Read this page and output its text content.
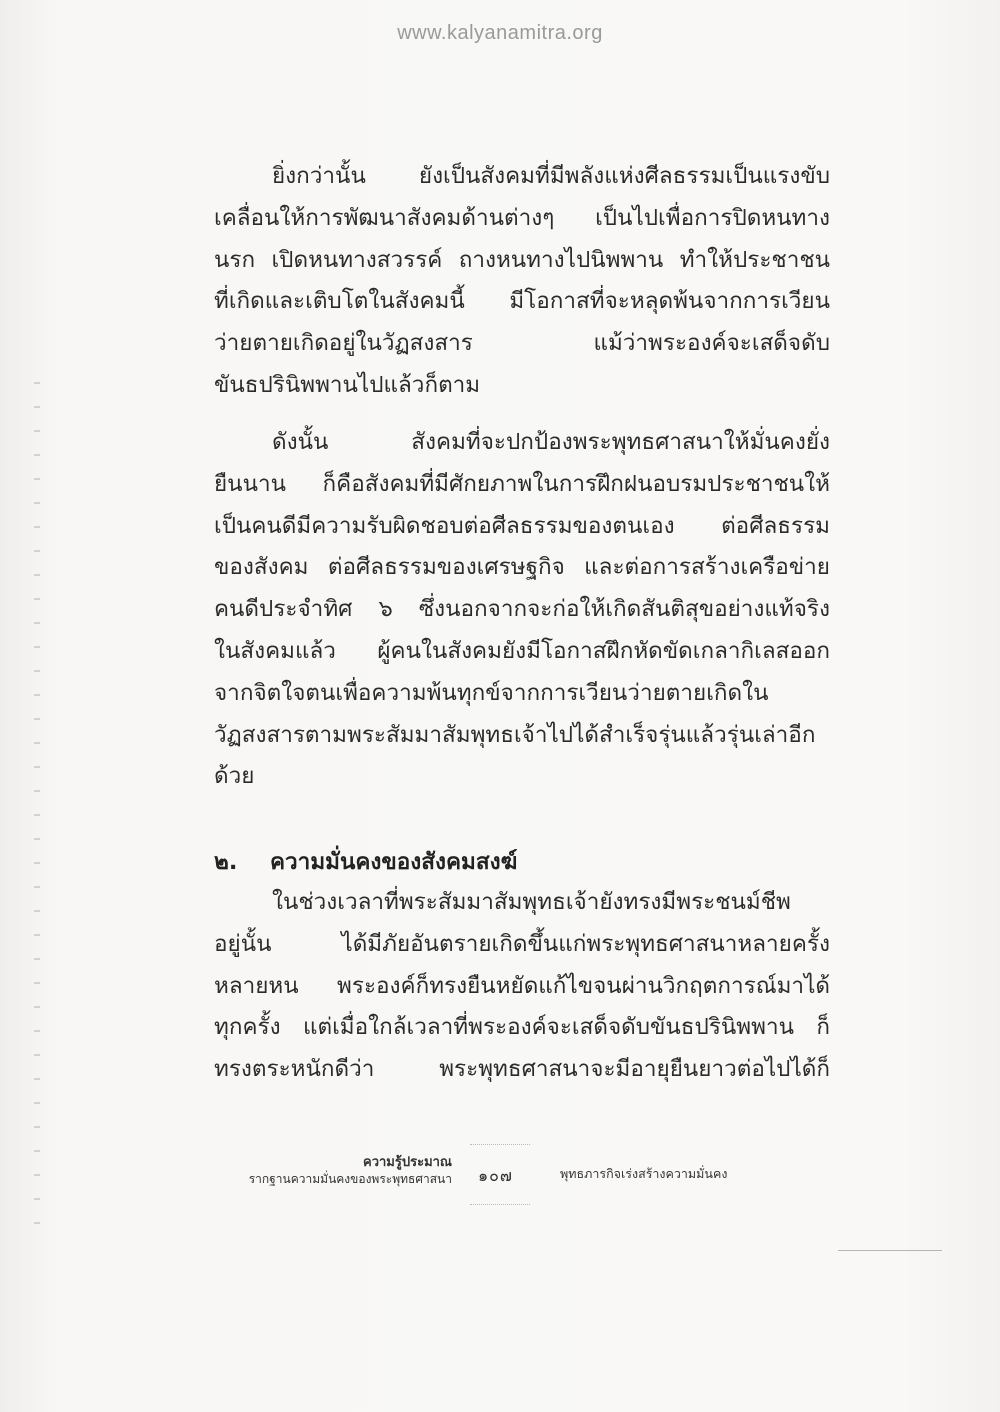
www.kalyanamitra.org
ยิ่งกว่านั้น ยังเป็นสังคมที่มีพลังแห่งศีลธรรมเป็นแรงขับ
เคลื่อนให้การพัฒนาสังคมด้านต่างๆ เป็นไปเพื่อการปิดหนทาง
นรก เปิดหนทางสวรรค์ ถางหนทางไปนิพพาน ทำให้ประชาชน
ที่เกิดและเติบโตในสังคมนี้ มีโอกาสที่จะหลุดพ้นจากการเวียน
ว่ายตายเกิดอยู่ในวัฏสงสาร แม้ว่าพระองค์จะเสด็จดับ
ขันธปรินิพพานไปแล้วก็ตาม
ดังนั้น สังคมที่จะปกป้องพระพุทธศาสนาให้มั่นคงยั่ง
ยืนนาน ก็คือสังคมที่มีศักยภาพในการฝึกฝนอบรมประชาชนให้
เป็นคนดีมีความรับผิดชอบต่อศีลธรรมของตนเอง ต่อศีลธรรม
ของสังคม ต่อศีลธรรมของเศรษฐกิจ และต่อการสร้างเครือข่าย
คนดีประจำทิศ ๖ ซึ่งนอกจากจะก่อให้เกิดสันติสุขอย่างแท้จริง
ในสังคมแล้ว ผู้คนในสังคมยังมีโอกาสฝึกหัดขัดเกลากิเลสออก
จากจิตใจตนเพื่อความพ้นทุกข์จากการเวียนว่ายตายเกิดใน
วัฏสงสารตามพระสัมมาสัมพุทธเจ้าไปได้สำเร็จรุ่นแล้วรุ่นเล่าอีก
ด้วย
๒. ความมั่นคงของสังคมสงฆ์
ในช่วงเวลาที่พระสัมมาสัมพุทธเจ้ายังทรงมีพระชนม์ชีพ
อยู่นั้น ได้มีภัยอันตรายเกิดขึ้นแก่พระพุทธศาสนาหลายครั้ง
หลายหน พระองค์ก็ทรงยืนหยัดแก้ไขจนผ่านวิกฤตการณ์มาได้
ทุกครั้ง แต่เมื่อใกล้เวลาที่พระองค์จะเสด็จดับขันธปรินิพพาน ก็
ทรงตระหนักดีว่า พระพุทธศาสนาจะมีอายุยืนยาวต่อไปได้ก็
ความรู้ประมาณ
รากฐานความมั่นคงของพระพุทธศาสนา ๑๐๗	พุทธภารกิจเร่งสร้างความมั่นคง
